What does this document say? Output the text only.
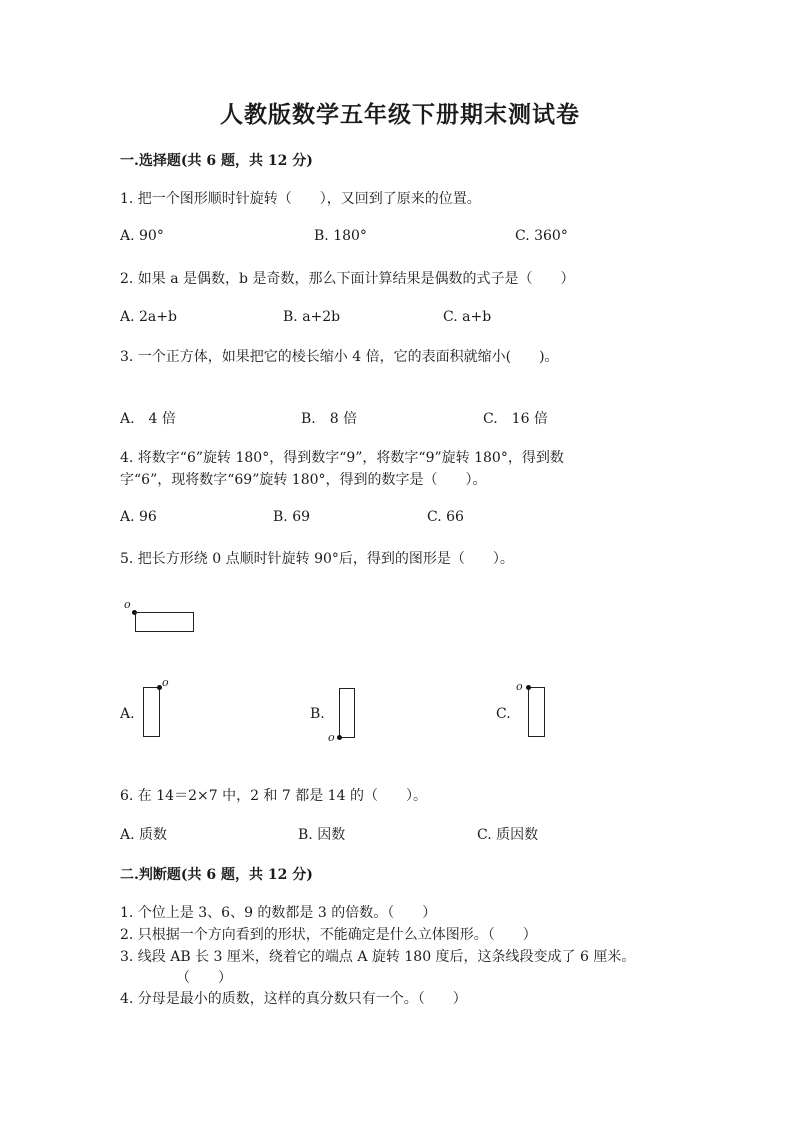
人教版数学五年级下册期末测试卷
一.选择题(共 6 题，共 12 分)
1. 把一个图形顺时针旋转（　　），又回到了原来的位置。
A. 90°	B. 180°	C. 360°
2. 如果 a 是偶数，b 是奇数，那么下面计算结果是偶数的式子是（　　）
A. 2a+b	B. a+2b	C. a+b
3. 一个正方体，如果把它的棱长缩小 4 倍，它的表面积就缩小(　　)。
A.　4 倍	B.　8 倍	C.　16 倍
4. 将数字“6”旋转 180°，得到数字“9”，将数字“9”旋转 180°，得到数
字“6”，现将数字“69”旋转 180°，得到的数字是（　　）。
A. 96	B. 69	C. 66
5. 把长方形绕 0 点顺时针旋转 90°后，得到的图形是（　　）。
o
A.
o
B.
o
C.
o
6. 在 14＝2×7 中，2 和 7 都是 14 的（　　）。
A. 质数	B. 因数	C. 质因数
二.判断题(共 6 题，共 12 分)
1. 个位上是 3、6、9 的数都是 3 的倍数。（　　）
2. 只根据一个方向看到的形状，不能确定是什么立体图形。（　　）
3. 线段 AB 长 3 厘米，绕着它的端点 A 旋转 180 度后，这条线段变成了 6 厘米。
（　　）
4. 分母是最小的质数，这样的真分数只有一个。（　　）
